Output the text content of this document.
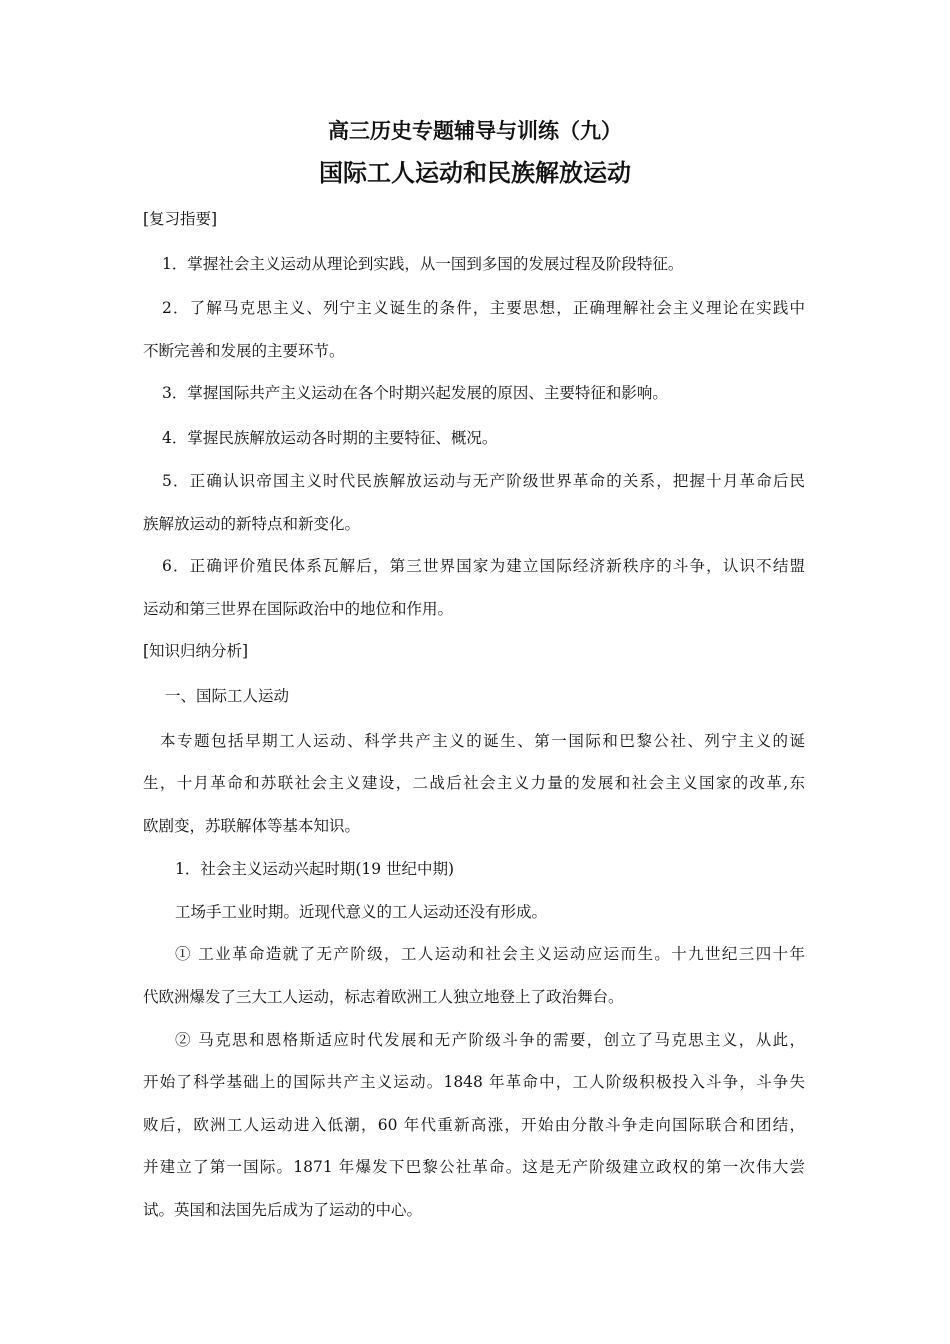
高三历史专题辅导与训练（九）
国际工人运动和民族解放运动
[复习指要]
1．掌握社会主义运动从理论到实践，从一国到多国的发展过程及阶段特征。
2．了解马克思主义、列宁主义诞生的条件，主要思想，正确理解社会主义理论在实践中
不断完善和发展的主要环节。
3．掌握国际共产主义运动在各个时期兴起发展的原因、主要特征和影响。
4．掌握民族解放运动各时期的主要特征、概况。
5．正确认识帝国主义时代民族解放运动与无产阶级世界革命的关系，把握十月革命后民
族解放运动的新特点和新变化。
6．正确评价殖民体系瓦解后，第三世界国家为建立国际经济新秩序的斗争，认识不结盟
运动和第三世界在国际政治中的地位和作用。
[知识归纳分析]
一、国际工人运动
本专题包括早期工人运动、科学共产主义的诞生、第一国际和巴黎公社、列宁主义的诞
生，十月革命和苏联社会主义建设，二战后社会主义力量的发展和社会主义国家的改革,东
欧剧变，苏联解体等基本知识。
1．社会主义运动兴起时期(19 世纪中期)
工场手工业时期。近现代意义的工人运动还没有形成。
① 工业革命造就了无产阶级，工人运动和社会主义运动应运而生。十九世纪三四十年
代欧洲爆发了三大工人运动，标志着欧洲工人独立地登上了政治舞台。
② 马克思和恩格斯适应时代发展和无产阶级斗争的需要，创立了马克思主义，从此，
开始了科学基础上的国际共产主义运动。1848 年革命中，工人阶级积极投入斗争，斗争失
败后，欧洲工人运动进入低潮，60 年代重新高涨，开始由分散斗争走向国际联合和团结，
并建立了第一国际。1871 年爆发下巴黎公社革命。这是无产阶级建立政权的第一次伟大尝
试。英国和法国先后成为了运动的中心。
